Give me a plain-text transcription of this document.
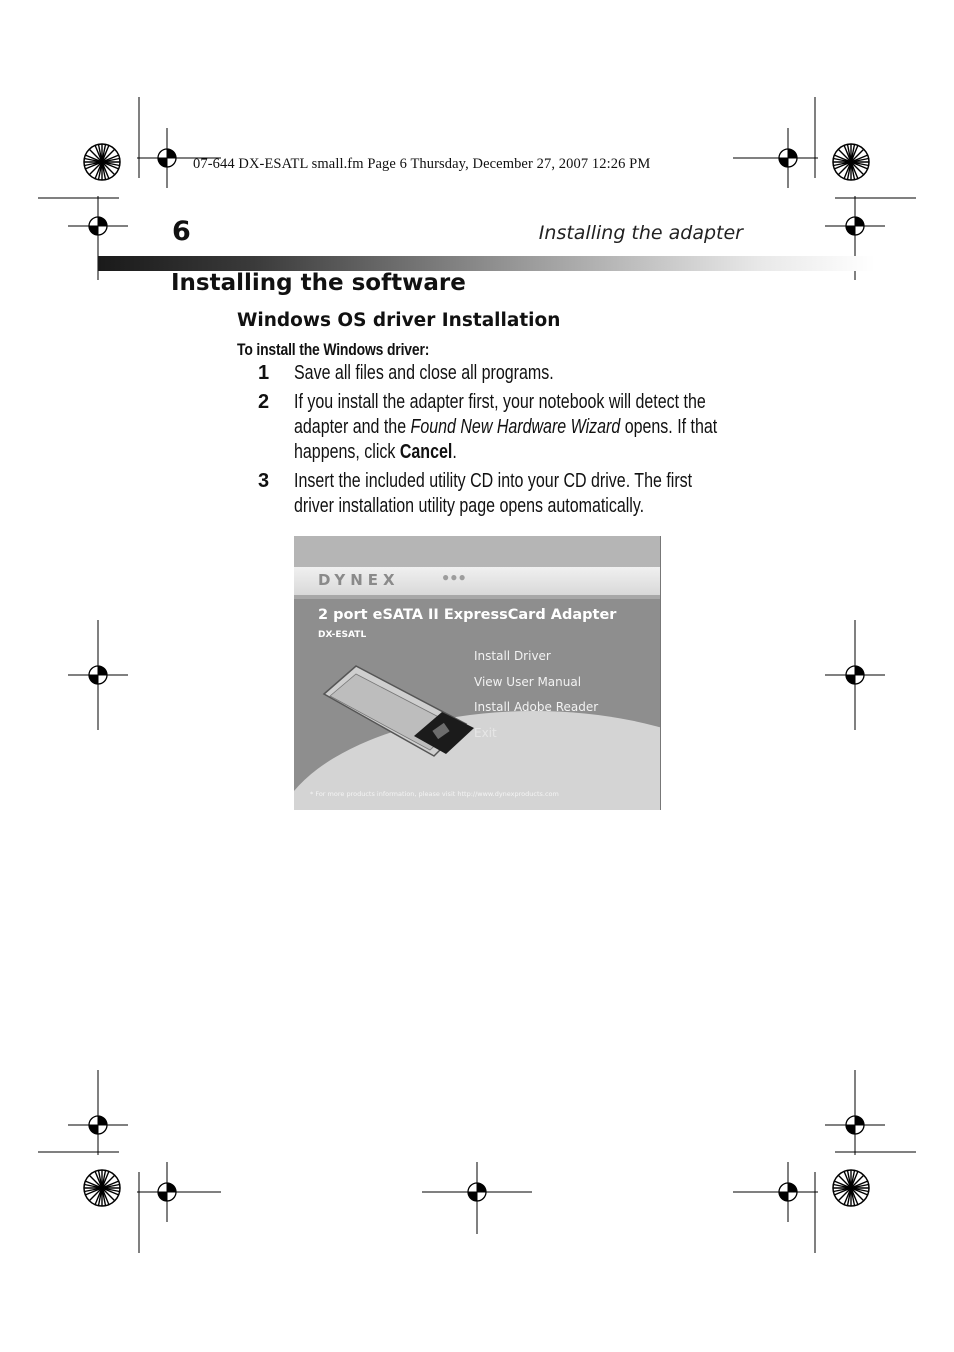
07-644 DX-ESATL small.fm Page 6 Thursday, December 27, 2007 12:26 PM
6	Installing the adapter
Installing the software
Windows OS driver Installation
To install the Windows driver:
1 Save all files and close all programs.
2 If you install the adapter first, your notebook will detect the
adapter and the Found New Hardware Wizard opens. If that
happens, click Cancel.
3 Insert the included utility CD into your CD drive. The first
driver installation utility page opens automatically.
DYNEX	●●●
2 port eSATA II ExpressCard Adapter
DX-ESATL
Install Driver
View User Manual
Install Adobe Reader
Exit
* For more products information, please visit http://www.dynexproducts.com
